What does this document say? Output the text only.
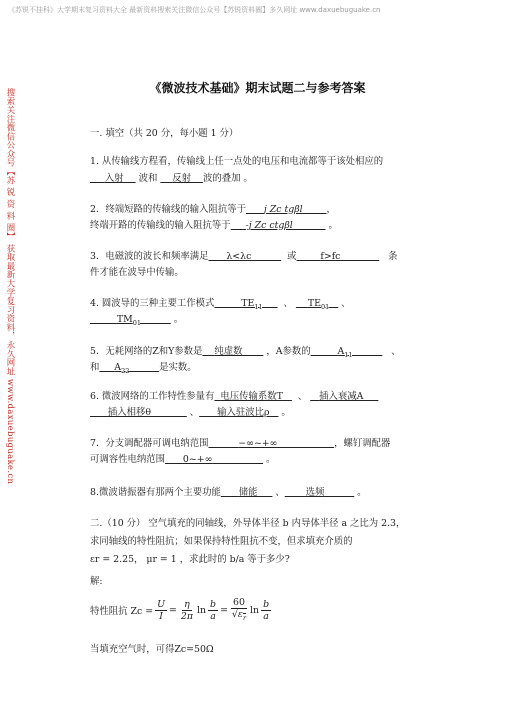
《苏锐不挂科》大学期末复习资料大全 最新资料搜索关注微信公众号【苏锐资料圈】多久网址 www.daxuebuguake.cn
搜索关注微信公众号【苏 锐 资 料 圈】 获取最新大学复习资料，永久网址 www.daxuebuguake.cn	《微波技术基础》期末试题二与参考答案
一. 填空（共 20 分，每小题 1 分）
1. 从传输线方程看，传输线上任一点处的电压和电流都等于该处相应的
入射 波和 反射 波的叠加 。
2．终端短路的传输线的输入阻抗等于 j Zc tgβl	，
终端开路的传输线的输入阻抗等于 -j Zc ctgβl	。
3．电磁波的波长和频率满足 λ<λc	或	f>fc	条
件才能在波导中传输。
4. 圆波导的三种主要工作模式	$TE_{11}$ 、 $TE_{01}$ 、
$TM_{01}$	。
5．无耗网络的Z和Y参数是 纯虚数	，A参数的	$A_{11}$	、
和 $A_{22}$	是实数。
6. 微波网络的工作特性参量有 电压传输系数T     、    插入衰减A
插入相移θ	、 输入驻波比ρ    。
7．分支调配器可调电纳范围	−∞~+∞	，螺钉调配器
可调容性电纳范围 0~+∞	。
8.微波谐振器有那两个主要功能 储能      、 选频	。
二.（10 分） 空气填充的同轴线，外导体半径 b 内导体半径 a 之比为 2.3，
求同轴线的特性阻抗；如果保持特性阻抗不变，但求填充介质的
εr = 2.25， μr = 1 ，求此时的 b/a 等于多少?
解:
特性阻抗 $Zc = \frac{U}{I} = \frac{\eta}{2\pi}$ $\ln \frac{b}{a} = \frac{60}{√\varepsilon_r}$ $\ln \frac{b}{a}$
当填充空气时，可得Zc=50Ω
